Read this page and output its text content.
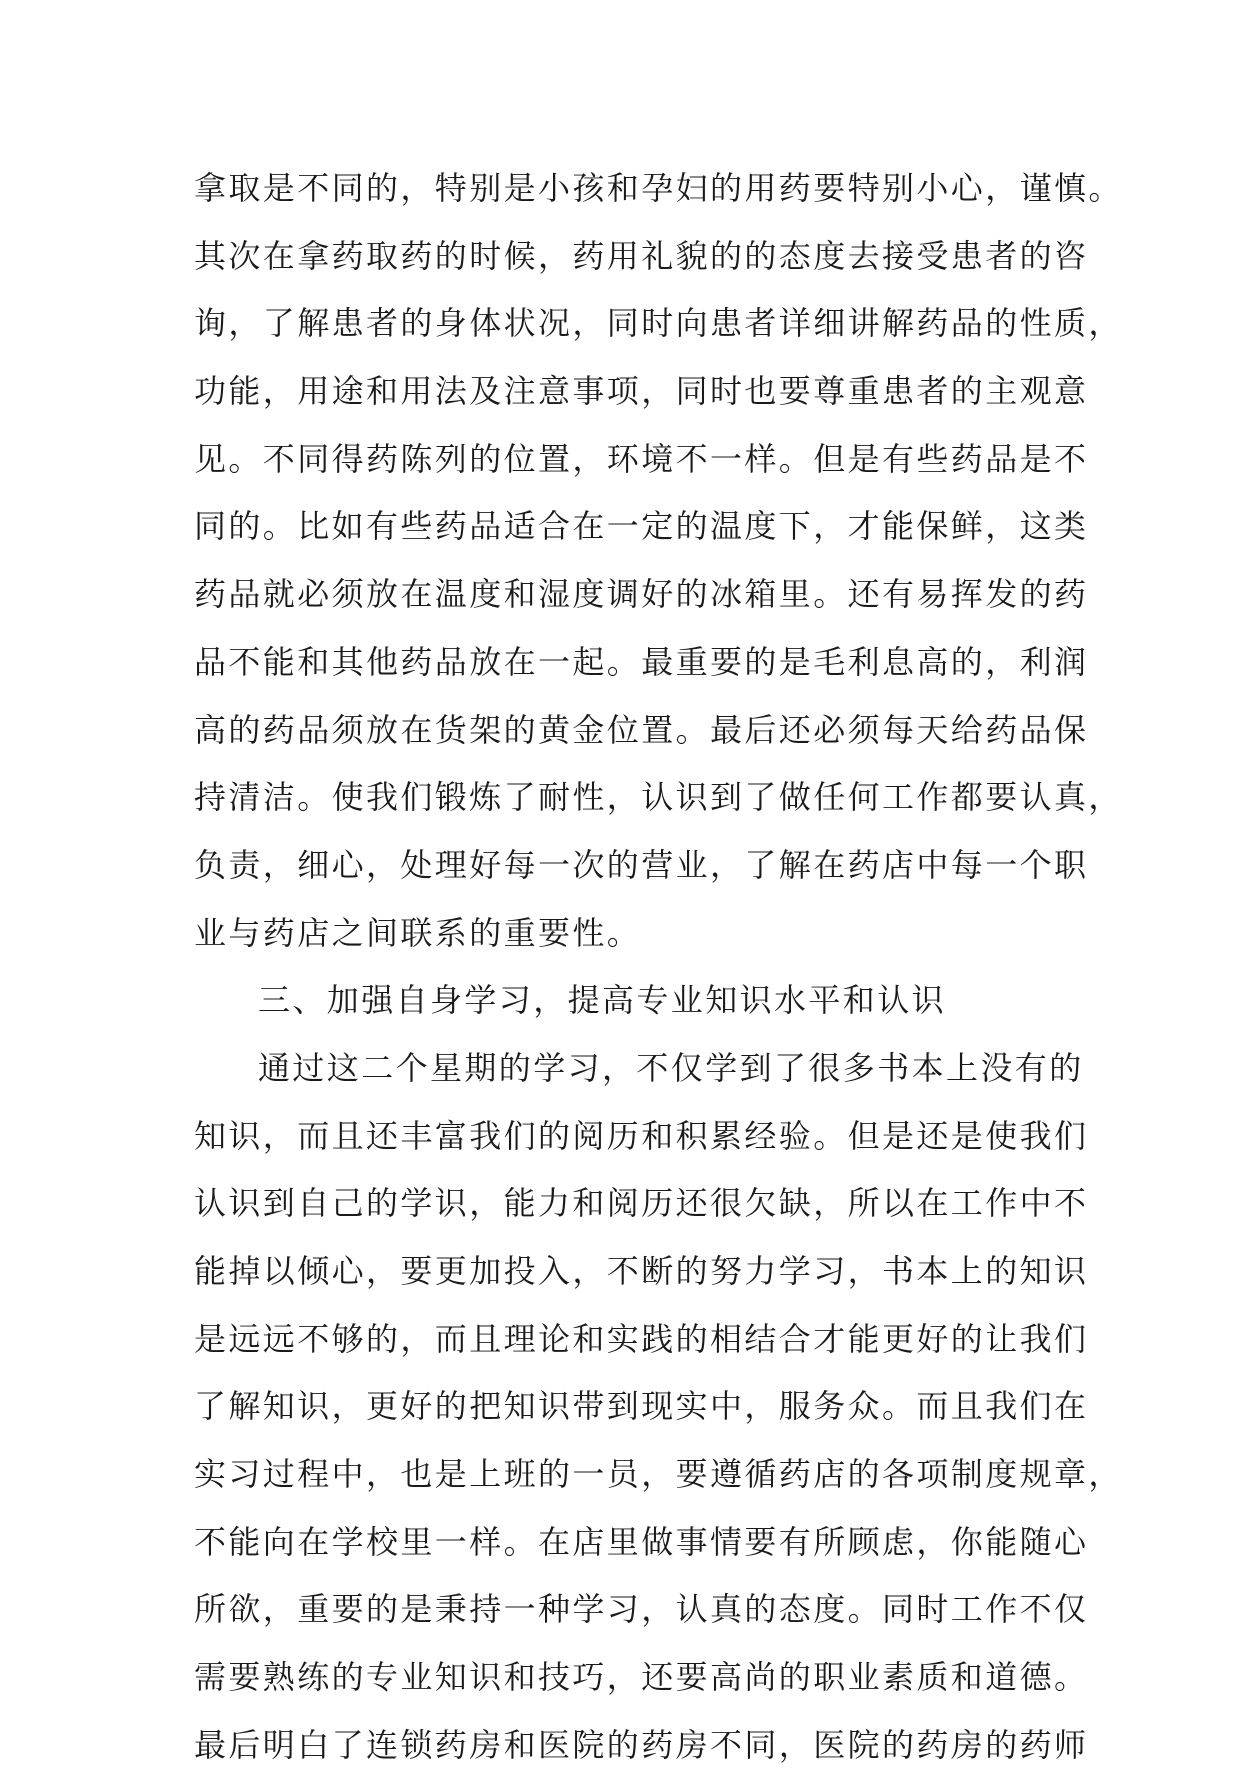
拿取是不同的，特别是小孩和孕妇的用药要特别小心，谨慎。
其次在拿药取药的时候，药用礼貌的的态度去接受患者的咨
询，了解患者的身体状况，同时向患者详细讲解药品的性质，
功能，用途和用法及注意事项，同时也要尊重患者的主观意
见。不同得药陈列的位置，环境不一样。但是有些药品是不
同的。比如有些药品适合在一定的温度下，才能保鲜，这类
药品就必须放在温度和湿度调好的冰箱里。还有易挥发的药
品不能和其他药品放在一起。最重要的是毛利息高的，利润
高的药品须放在货架的黄金位置。最后还必须每天给药品保
持清洁。使我们锻炼了耐性，认识到了做任何工作都要认真，
负责，细心，处理好每一次的营业，了解在药店中每一个职
业与药店之间联系的重要性。
三、加强自身学习，提高专业知识水平和认识
通过这二个星期的学习，不仅学到了很多书本上没有的
知识，而且还丰富我们的阅历和积累经验。但是还是使我们
认识到自己的学识，能力和阅历还很欠缺，所以在工作中不
能掉以倾心，要更加投入，不断的努力学习，书本上的知识
是远远不够的，而且理论和实践的相结合才能更好的让我们
了解知识，更好的把知识带到现实中，服务众。而且我们在
实习过程中，也是上班的一员，要遵循药店的各项制度规章，
不能向在学校里一样。在店里做事情要有所顾虑，你能随心
所欲，重要的是秉持一种学习，认真的态度。同时工作不仅
需要熟练的专业知识和技巧，还要高尚的职业素质和道德。
最后明白了连锁药房和医院的药房不同，医院的药房的药师
